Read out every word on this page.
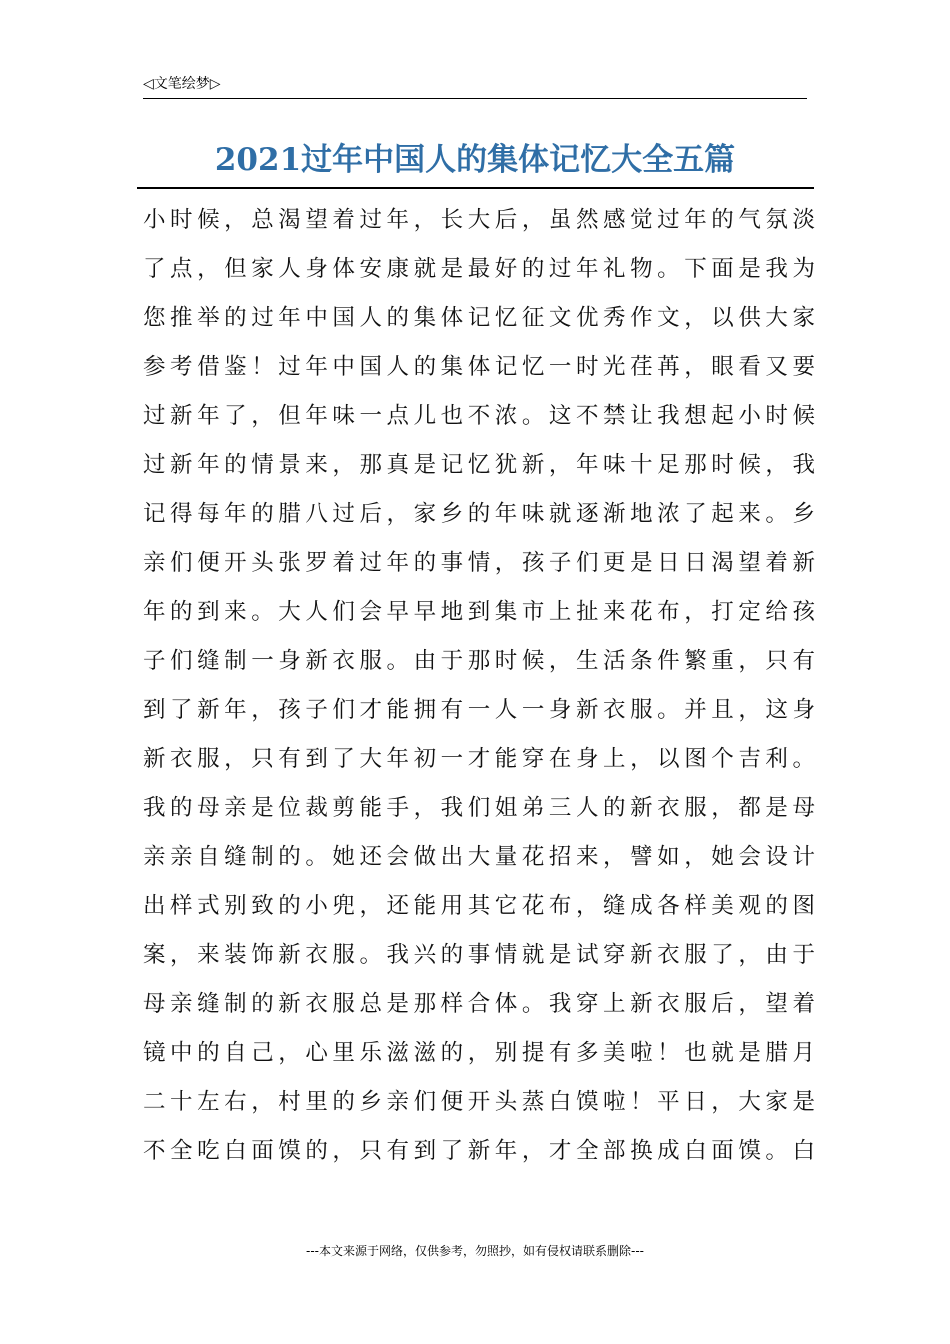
◁文笔绘梦▷
2021过年中国人的集体记忆大全五篇
小时候，总渴望着过年，长大后，虽然感觉过年的气氛淡
了点，但家人身体安康就是最好的过年礼物。下面是我为
您推举的过年中国人的集体记忆征文优秀作文，以供大家
参考借鉴！过年中国人的集体记忆一时光荏苒，眼看又要
过新年了，但年味一点儿也不浓。这不禁让我想起小时候
过新年的情景来，那真是记忆犹新，年味十足那时候，我
记得每年的腊八过后，家乡的年味就逐渐地浓了起来。乡
亲们便开头张罗着过年的事情，孩子们更是日日渴望着新
年的到来。大人们会早早地到集市上扯来花布，打定给孩
子们缝制一身新衣服。由于那时候，生活条件繁重，只有
到了新年，孩子们才能拥有一人一身新衣服。并且，这身
新衣服，只有到了大年初一才能穿在身上，以图个吉利。
我的母亲是位裁剪能手，我们姐弟三人的新衣服，都是母
亲亲自缝制的。她还会做出大量花招来，譬如，她会设计
出样式别致的小兜，还能用其它花布，缝成各样美观的图
案，来装饰新衣服。我兴的事情就是试穿新衣服了，由于
母亲缝制的新衣服总是那样合体。我穿上新衣服后，望着
镜中的自己，心里乐滋滋的，别提有多美啦！也就是腊月
二十左右，村里的乡亲们便开头蒸白馍啦！平日，大家是
不全吃白面馍的，只有到了新年，才全部换成白面馍。白
---本文来源于网络，仅供参考，勿照抄，如有侵权请联系删除---
